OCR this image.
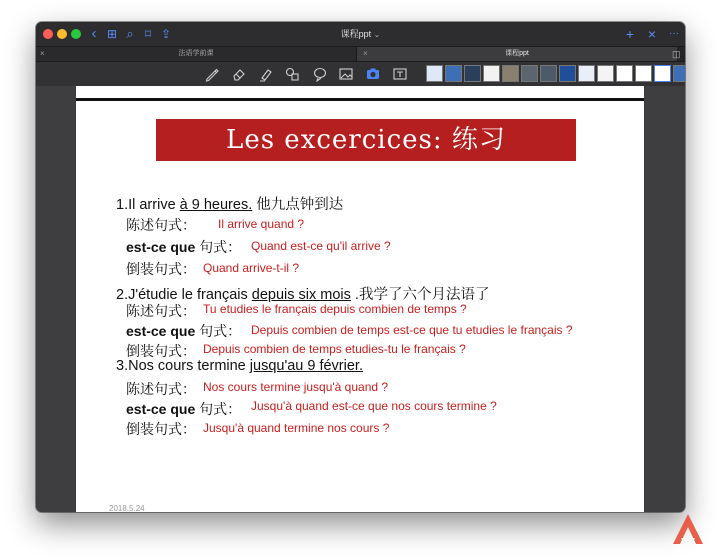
‹ ⊞ ⌕ ⌑ ⇪	课程ppt ⌄	+ ×	···
×	法语学前课	×	课程ppt	◫
Les excercices: 练习
1.Il arrive à 9 heures. 他九点钟到达
陈述句式： Il arrive quand ?
est-ce que 句式： Quand est-ce qu'il arrive ?
倒装句式： Quand arrive-t-il ?
2.J'étudie le français depuis six mois .我学了六个月法语了
陈述句式： Tu etudies le français depuis combien de temps ?
est-ce que 句式： Depuis combien de temps est-ce que tu etudies le français ?
倒装句式： Depuis combien de temps etudies-tu le français ?
3.Nos cours termine jusqu'au 9 février.
陈述句式： Nos cours termine jusqu'à quand ?
est-ce que 句式： Jusqu'à quand est-ce que nos cours termine ?
倒装句式： Jusqu'à quand termine nos cours ?
2018.5.24
